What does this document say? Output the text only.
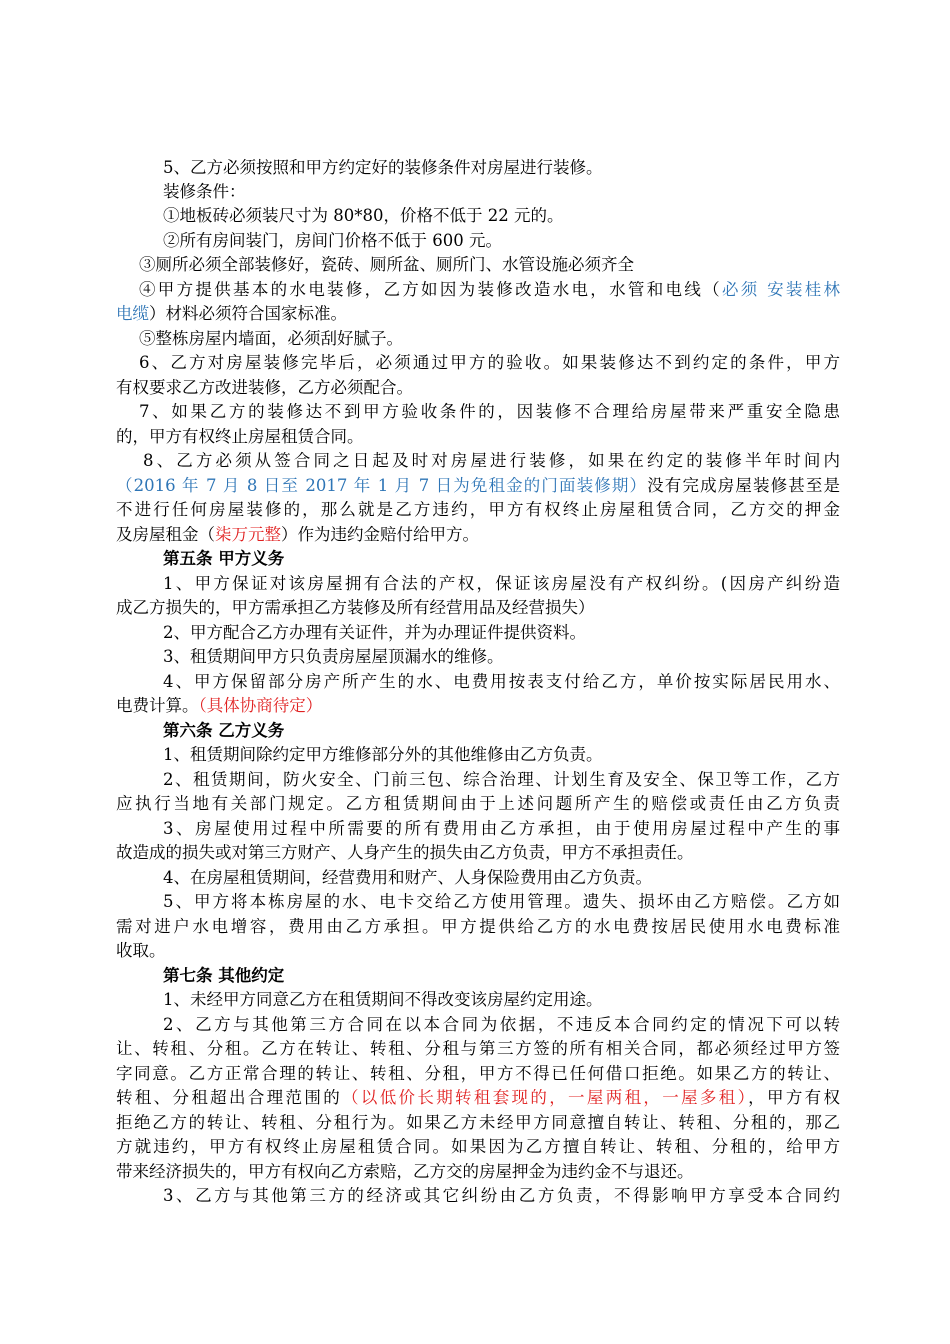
5、乙方必须按照和甲方约定好的装修条件对房屋进行装修。
装修条件：
①地板砖必须装尺寸为 80*80，价格不低于 22 元的。
②所有房间装门，房间门价格不低于 600 元。
③厕所必须全部装修好，瓷砖、厕所盆、厕所门、水管设施必须齐全
④甲方提供基本的水电装修，乙方如因为装修改造水电，水管和电线（必须 安装桂林
电缆）材料必须符合国家标准。
⑤整栋房屋内墙面，必须刮好腻子。
6、乙方对房屋装修完毕后，必须通过甲方的验收。如果装修达不到约定的条件，甲方
有权要求乙方改进装修，乙方必须配合。
7、如果乙方的装修达不到甲方验收条件的，因装修不合理给房屋带来严重安全隐患
的，甲方有权终止房屋租赁合同。
8、乙方必须从签合同之日起及时对房屋进行装修，如果在约定的装修半年时间内
（2016 年 7 月 8 日至 2017 年 1 月 7 日为免租金的门面装修期）没有完成房屋装修甚至是
不进行任何房屋装修的，那么就是乙方违约，甲方有权终止房屋租赁合同，乙方交的押金
及房屋租金（柒万元整）作为违约金赔付给甲方。
第五条 甲方义务
1、甲方保证对该房屋拥有合法的产权，保证该房屋没有产权纠纷。(因房产纠纷造
成乙方损失的，甲方需承担乙方装修及所有经营用品及经营损失）
2、甲方配合乙方办理有关证件，并为办理证件提供资料。
3、租赁期间甲方只负责房屋屋顶漏水的维修。
4、甲方保留部分房产所产生的水、电费用按表支付给乙方，单价按实际居民用水、
电费计算。（具体协商待定）
第六条 乙方义务
1、租赁期间除约定甲方维修部分外的其他维修由乙方负责。
2、租赁期间，防火安全、门前三包、综合治理、计划生育及安全、保卫等工作，乙方
应执行当地有关部门规定。乙方租赁期间由于上述问题所产生的赔偿或责任由乙方负责
3、房屋使用过程中所需要的所有费用由乙方承担，由于使用房屋过程中产生的事
故造成的损失或对第三方财产、人身产生的损失由乙方负责，甲方不承担责任。
4、在房屋租赁期间，经营费用和财产、人身保险费用由乙方负责。
5、甲方将本栋房屋的水、电卡交给乙方使用管理。遗失、损坏由乙方赔偿。乙方如
需对进户水电增容，费用由乙方承担。甲方提供给乙方的水电费按居民使用水电费标准
收取。
第七条 其他约定
1、未经甲方同意乙方在租赁期间不得改变该房屋约定用途。
2、乙方与其他第三方合同在以本合同为依据，不违反本合同约定的情况下可以转
让、转租、分租。乙方在转让、转租、分租与第三方签的所有相关合同，都必须经过甲方签
字同意。乙方正常合理的转让、转租、分租，甲方不得已任何借口拒绝。如果乙方的转让、
转租、分租超出合理范围的（以低价长期转租套现的，一屋两租，一屋多租），甲方有权
拒绝乙方的转让、转租、分租行为。如果乙方未经甲方同意擅自转让、转租、分租的，那乙
方就违约，甲方有权终止房屋租赁合同。如果因为乙方擅自转让、转租、分租的，给甲方
带来经济损失的，甲方有权向乙方索赔，乙方交的房屋押金为违约金不与退还。
3、乙方与其他第三方的经济或其它纠纷由乙方负责，不得影响甲方享受本合同约
